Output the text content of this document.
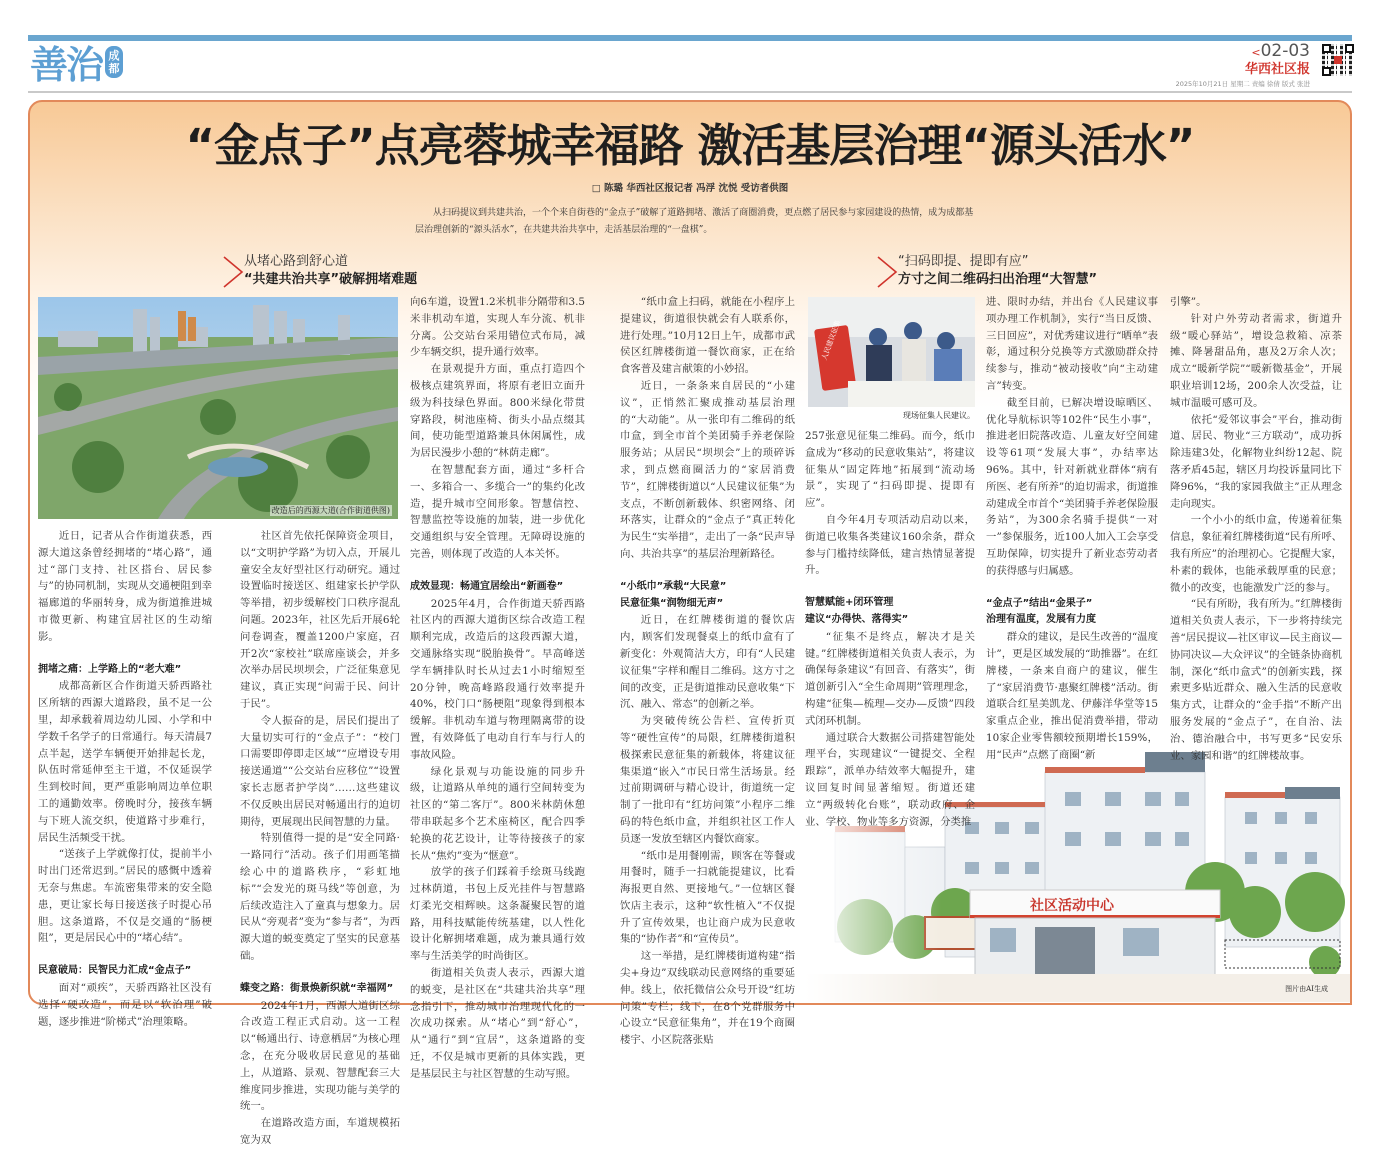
善治 成都
<02-03
华西社区报
2025年10月21日 星期二 责编 徐倩 版式 张进
“金点子”点亮蓉城幸福路 激活基层治理“源头活水”
□ 陈璐 华西社区报记者 冯浮 沈悦 受访者供图
从扫码提议到共建共治，一个个来自街巷的“金点子”破解了道路拥堵、激活了商圈消费，更点燃了居民参与家园建设的热情，成为成都基层治理创新的“源头活水”，在共建共治共享中，走活基层治理的“一盘棋”。
从堵心路到舒心道
“共建共治共享”破解拥堵难题
“扫码即提、提即有应”
方寸之间二维码扫出治理“大智慧”
改造后的西源大道(合作街道供图)
人民建议征集
现场征集人民建议。
社区活动中心
图片由AI生成

近日，记者从合作街道获悉，西源大道这条曾经拥堵的“堵心路”，通过“部门支持、社区搭台、居民参与”的协同机制，实现从交通梗阻到幸福廊道的华丽转身，成为街道推进城市微更新、构建宜居社区的生动缩影。

拥堵之痛：上学路上的“老大难”

成都高新区合作街道天骄西路社区所辖的西源大道路段，虽不足一公里，却承载着周边幼儿园、小学和中学数千名学子的日常通行。每天清晨7点半起，送学车辆便开始排起长龙，队伍时常延伸至主干道，不仅延误学生到校时间，更严重影响周边单位职工的通勤效率。傍晚时分，接孩车辆与下班人流交织，使道路寸步难行，居民生活频受干扰。

“送孩子上学就像打仗，提前半小时出门还常迟到。”居民的感慨中透着无奈与焦虑。车流密集带来的安全隐患，更让家长每日接送孩子时提心吊胆。这条道路，不仅是交通的“肠梗阻”，更是居民心中的“堵心结”。

民意破局：民智民力汇成“金点子”

面对“顽疾”，天骄西路社区没有选择“硬改造”，而是以“软治理”破题，逐步推进“阶梯式”治理策略。

社区首先依托保障资金项目，以“文明护学路”为切入点，开展儿童安全友好型社区行动研究。通过设置临时接送区、组建家长护学队等举措，初步缓解校门口秩序混乱问题。2023年，社区先后开展6轮问卷调查，覆盖1200户家庭，召开2次“家校社”联席座谈会，并多次举办居民坝坝会，广泛征集意见建议，真正实现“问需于民、问计于民”。

令人振奋的是，居民们提出了大量切实可行的“金点子”：“校门口需要即停即走区域”“应增设专用接送通道”“公交站台应移位”“设置家长志愿者护学岗”……这些建议不仅反映出居民对畅通出行的迫切期待，更展现出民间智慧的力量。

特别值得一提的是“安全同路·一路同行”活动。孩子们用画笔描绘心中的道路秩序，“彩虹地标”“会发光的斑马线”等创意，为后续改造注入了童真与想象力。居民从“旁观者”变为“参与者”，为西源大道的蜕变奠定了坚实的民意基础。

蝶变之路：街景焕新织就“幸福网”

2024年1月，西源大道街区综合改造工程正式启动。这一工程以“畅通出行、诗意栖居”为核心理念，在充分吸收居民意见的基础上，从道路、景观、智慧配套三大维度同步推进，实现功能与美学的统一。

在道路改造方面，车道规模拓宽为双

向6车道，设置1.2米机非分隔带和3.5米非机动车道，实现人车分流、机非分离。公交站台采用错位式布局，减少车辆交织，提升通行效率。

在景观提升方面，重点打造四个极核点建筑界面，将原有老旧立面升级为科技绿色界面。800米绿化带贯穿路段，树池座椅、街头小品点缀其间，使功能型道路兼具休闲属性，成为居民漫步小憩的“林荫走廊”。

在智慧配套方面，通过“多杆合一、多箱合一、多缆合一”的集约化改造，提升城市空间形象。智慧信控、智慧监控等设施的加装，进一步优化交通组织与安全管理。无障碍设施的完善，则体现了改造的人本关怀。

成效显现：畅通宜居绘出“新画卷”

2025年4月，合作街道天骄西路社区内的西源大道街区综合改造工程顺利完成，改造后的这段西源大道，交通脉络实现“脱胎换骨”。早高峰送学车辆排队时长从过去1小时缩短至20分钟，晚高峰路段通行效率提升40%，校门口“肠梗阻”现象得到根本缓解。非机动车道与物理隔离带的设置，有效降低了电动自行车与行人的事故风险。

绿化景观与功能设施的同步升级，让道路从单纯的通行空间转变为社区的“第二客厅”。800米林荫休憩带串联起多个艺术座椅区，配合四季轮换的花艺设计，让等待接孩子的家长从“焦灼”变为“惬意”。

放学的孩子们踩着手绘斑马线跑过林荫道，书包上反光挂件与智慧路灯柔光交相辉映。这条凝聚民智的道路，用科技赋能传统基建，以人性化设计化解拥堵难题，成为兼具通行效率与生活美学的时尚街区。

街道相关负责人表示，西源大道的蜕变，是社区在“共建共治共享”理念指引下，推动城市治理现代化的一次成功探索。从“堵心”到“舒心”，从“通行”到“宜居”，这条道路的变迁，不仅是城市更新的具体实践，更是基层民主与社区智慧的生动写照。

“纸巾盒上扫码，就能在小程序上提建议，街道很快就会有人联系你，进行处理。”10月12日上午，成都市武侯区红牌楼街道一餐饮商家，正在给食客普及建言献策的小妙招。

近日，一条条来自居民的“小建议”，正悄然汇聚成推动基层治理的“大动能”。从一张印有二维码的纸巾盒，到全市首个美团骑手养老保险服务站；从居民“坝坝会”上的琐碎诉求，到点燃商圈活力的“家居消费节”，红牌楼街道以“人民建议征集”为支点，不断创新载体、织密网络、闭环落实，让群众的“金点子”真正转化为民生“实举措”，走出了一条“民声导向、共治共享”的基层治理新路径。

“小纸巾”承载“大民意”
民意征集“润物细无声”

近日，在红牌楼街道的餐饮店内，顾客们发现餐桌上的纸巾盒有了新变化：外观简洁大方，印有“人民建议征集”字样和醒目二维码。这方寸之间的改变，正是街道推动民意收集“下沉、融入、常态”的创新之举。

为突破传统公告栏、宣传折页等“硬性宣传”的局限，红牌楼街道积极探索民意征集的新载体，将建议征集渠道“嵌入”市民日常生活场景。经过前期调研与精心设计，街道统一定制了一批印有“红坊问策”小程序二维码的特色纸巾盒，并组织社区工作人员逐一发放至辖区内餐饮商家。

“纸巾是用餐刚需，顾客在等餐或用餐时，随手一扫就能提建议，比看海报更自然、更接地气。”一位辖区餐饮店主表示，这种“软性植入”不仅提升了宣传效果，也让商户成为民意收集的“协作者”和“宣传员”。

这一举措，是红牌楼街道构建“指尖+身边”双线联动民意网络的重要延伸。线上，依托微信公众号开设“红坊问策”专栏；线下，在8个党群服务中心设立“民意征集角”，并在19个商圈楼宇、小区院落张贴

257张意见征集二维码。而今，纸巾盒成为“移动的民意收集站”，将建议征集从“固定阵地”拓展到“流动场景”，实现了“扫码即提、提即有应”。

自今年4月专项活动启动以来，街道已收集各类建议160余条，群众参与门槛持续降低，建言热情显著提升。

智慧赋能+闭环管理
建议“办得快、落得实”

“征集不是终点，解决才是关键。”红牌楼街道相关负责人表示，为确保每条建议“有回音、有落实”，街道创新引入“全生命周期”管理理念，构建“征集—梳理—交办—反馈”四段式闭环机制。

通过联合大数据公司搭建智能处理平台，实现建议“一键提交、全程跟踪”，派单办结效率大幅提升，建议回复时间显著缩短。街道还建立“两级转化台账”，联动政府、企业、学校、物业等多方资源，分类推

进、限时办结，并出台《人民建议事项办理工作机制》，实行“当日反馈、三日回应”，对优秀建议进行“晒单”表彰，通过积分兑换等方式激励群众持续参与，推动“被动接收”向“主动建言”转变。

截至目前，已解决增设晾晒区、优化导航标识等102件“民生小事”，推进老旧院落改造、儿童友好空间建设等61项“发展大事”，办结率达96%。其中，针对新就业群体“病有所医、老有所养”的迫切需求，街道推动建成全市首个“美团骑手养老保险服务站”，为300余名骑手提供“一对一”参保服务，近100人加入工会享受互助保障，切实提升了新业态劳动者的获得感与归属感。

“金点子”结出“金果子”
治理有温度，发展有力度

群众的建议，是民生改善的“温度计”，更是区域发展的“助推器”。在红牌楼，一条来自商户的建议，催生了“家居消费节·惠聚红牌楼”活动。街道联合红星美凯龙、伊藤洋华堂等15家重点企业，推出促消费举措，带动10家企业零售额较预期增长159%，用“民声”点燃了商圈“新

引擎”。

针对户外劳动者需求，街道升级“暖心驿站”，增设急救箱、凉茶摊、降暑甜品角，惠及2万余人次；成立“暖新学院”“暖新微基金”，开展职业培训12场，200余人次受益，让城市温暖可感可及。

依托“爱邻议事会”平台，推动街道、居民、物业“三方联动”，成功拆除违建3处，化解物业纠纷12起、院落矛盾45起，辖区月均投诉量同比下降96%，“我的家园我做主”正从理念走向现实。

一个小小的纸巾盒，传递着征集信息，象征着红牌楼街道“民有所呼、我有所应”的治理初心。它提醒大家，朴素的载体，也能承载厚重的民意；微小的改变，也能激发广泛的参与。

“民有所盼，我有所为。”红牌楼街道相关负责人表示，下一步将持续完善“居民提议—社区审议—民主商议—协同决议—大众评议”的全链条协商机制，深化“纸巾盒式”的创新实践，探索更多贴近群众、融入生活的民意收集方式，让群众的“金手指”不断产出服务发展的“金点子”，在自治、法治、德治融合中，书写更多“民安乐业、家园和谐”的红牌楼故事。
